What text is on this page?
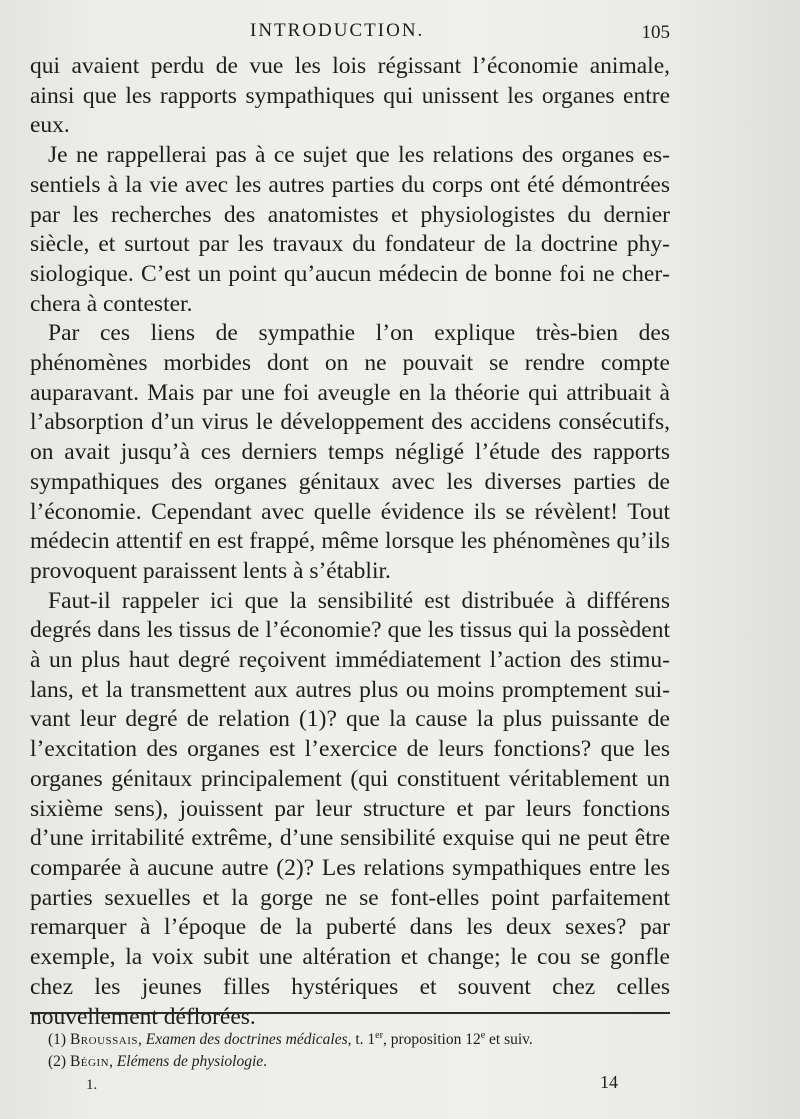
INTRODUCTION.	105

qui avaient perdu de vue les lois régissant l’économie animale, ainsi que les rapports sympathiques qui unissent les organes entre eux.

Je ne rappellerai pas à ce sujet que les relations des organes essentiels à la vie avec les autres parties du corps ont été démontrées par les recherches des anatomistes et physiologistes du dernier siècle, et surtout par les travaux du fondateur de la doctrine physiologique. C’est un point qu’aucun médecin de bonne foi ne cherchera à contester.

Par ces liens de sympathie l’on explique très-bien des phénomènes morbides dont on ne pouvait se rendre compte auparavant. Mais par une foi aveugle en la théorie qui attribuait à l’absorption d’un virus le développement des accidens consécutifs, on avait jusqu’à ces derniers temps négligé l’étude des rapports sympathiques des organes génitaux avec les diverses parties de l’économie. Cependant avec quelle évidence ils se révèlent! Tout médecin attentif en est frappé, même lorsque les phénomènes qu’ils provoquent paraissent lents à s’établir.

Faut-il rappeler ici que la sensibilité est distribuée à différens degrés dans les tissus de l’économie? que les tissus qui la possèdent à un plus haut degré reçoivent immédiatement l’action des stimulans, et la transmettent aux autres plus ou moins promptement suivant leur degré de relation (1)? que la cause la plus puissante de l’excitation des organes est l’exercice de leurs fonctions? que les organes génitaux principalement (qui constituent véritablement un sixième sens), jouissent par leur structure et par leurs fonctions d’une irritabilité extrême, d’une sensibilité exquise qui ne peut être comparée à aucune autre (2)? Les relations sympathiques entre les parties sexuelles et la gorge ne se font-elles point parfaitement remarquer à l’époque de la puberté dans les deux sexes? par exemple, la voix subit une altération et change; le cou se gonfle chez les jeunes filles hystériques et souvent chez celles nouvellement déflorées.

(1) Broussais, Examen des doctrines médicales, t. 1er, proposition 12e et suiv.
(2) Bégin, Elémens de physiologie.
1.	14
